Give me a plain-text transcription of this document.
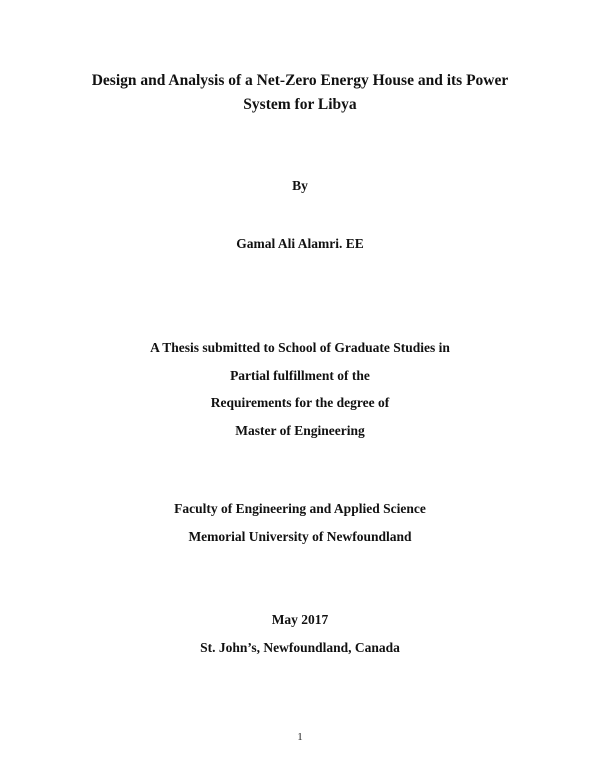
Design and Analysis of a Net-Zero Energy House and its Power
System for Libya
By
Gamal Ali Alamri. EE
A Thesis submitted to School of Graduate Studies in
Partial fulfillment of the
Requirements for the degree of
Master of Engineering
Faculty of Engineering and Applied Science
Memorial University of Newfoundland
May 2017
St. John’s, Newfoundland, Canada
1
